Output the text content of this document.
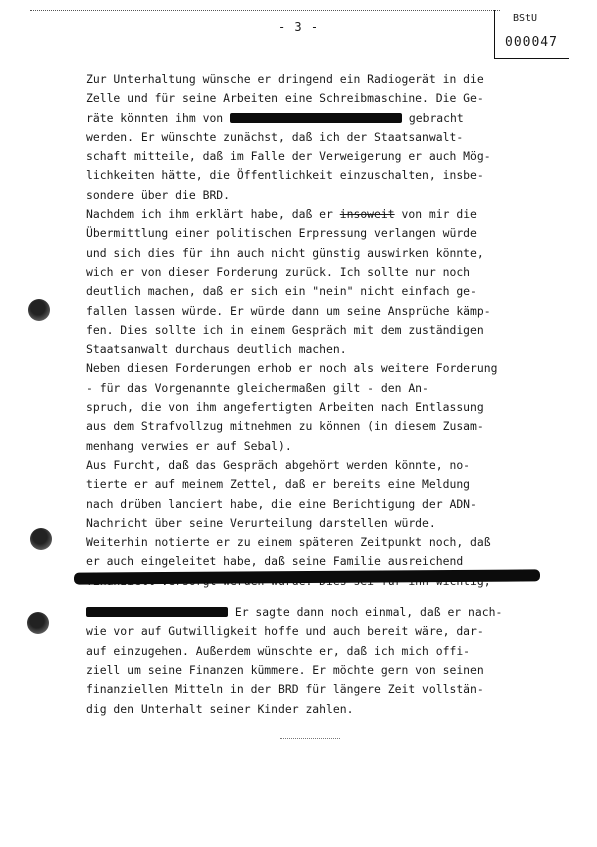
- 3 -
BStU
000047
Zur Unterhaltung wünsche er dringend ein Radiogerät in die
Zelle und für seine Arbeiten eine Schreibmaschine. Die Ge-
räte könnten ihm von	gebracht
werden. Er wünschte zunächst, daß ich der Staatsanwalt-
schaft mitteile, daß im Falle der Verweigerung er auch Mög-
lichkeiten hätte, die Öffentlichkeit einzuschalten, insbe-
sondere über die BRD.
Nachdem ich ihm erklärt habe, daß er insoweit von mir die
Übermittlung einer politischen Erpressung verlangen würde
und sich dies für ihn auch nicht günstig auswirken könnte,
wich er von dieser Forderung zurück. Ich sollte nur noch
deutlich machen, daß er sich ein "nein" nicht einfach ge-
fallen lassen würde. Er würde dann um seine Ansprüche kämp-
fen. Dies sollte ich in einem Gespräch mit dem zuständigen
Staatsanwalt durchaus deutlich machen.
Neben diesen Forderungen erhob er noch als weitere Forderung
- für das Vorgenannte gleichermaßen gilt - den An-
spruch, die von ihm angefertigten Arbeiten nach Entlassung
aus dem Strafvollzug mitnehmen zu können (in diesem Zusam-
menhang verwies er auf Sebal).
Aus Furcht, daß das Gespräch abgehört werden könnte, no-
tierte er auf meinem Zettel, daß er bereits eine Meldung
nach drüben lanciert habe, die eine Berichtigung der ADN-
Nachricht über seine Verurteilung darstellen würde.
Weiterhin notierte er zu einem späteren Zeitpunkt noch, daß
er auch eingeleitet habe, daß seine Familie ausreichend
Er sagte dann noch einmal, daß er nach-
wie vor auf Gutwilligkeit hoffe und auch bereit wäre, dar-
auf einzugehen. Außerdem wünschte er, daß ich mich offi-
ziell um seine Finanzen kümmere. Er möchte gern von seinen
finanziellen Mitteln in der BRD für längere Zeit vollstän-
dig den Unterhalt seiner Kinder zahlen.
